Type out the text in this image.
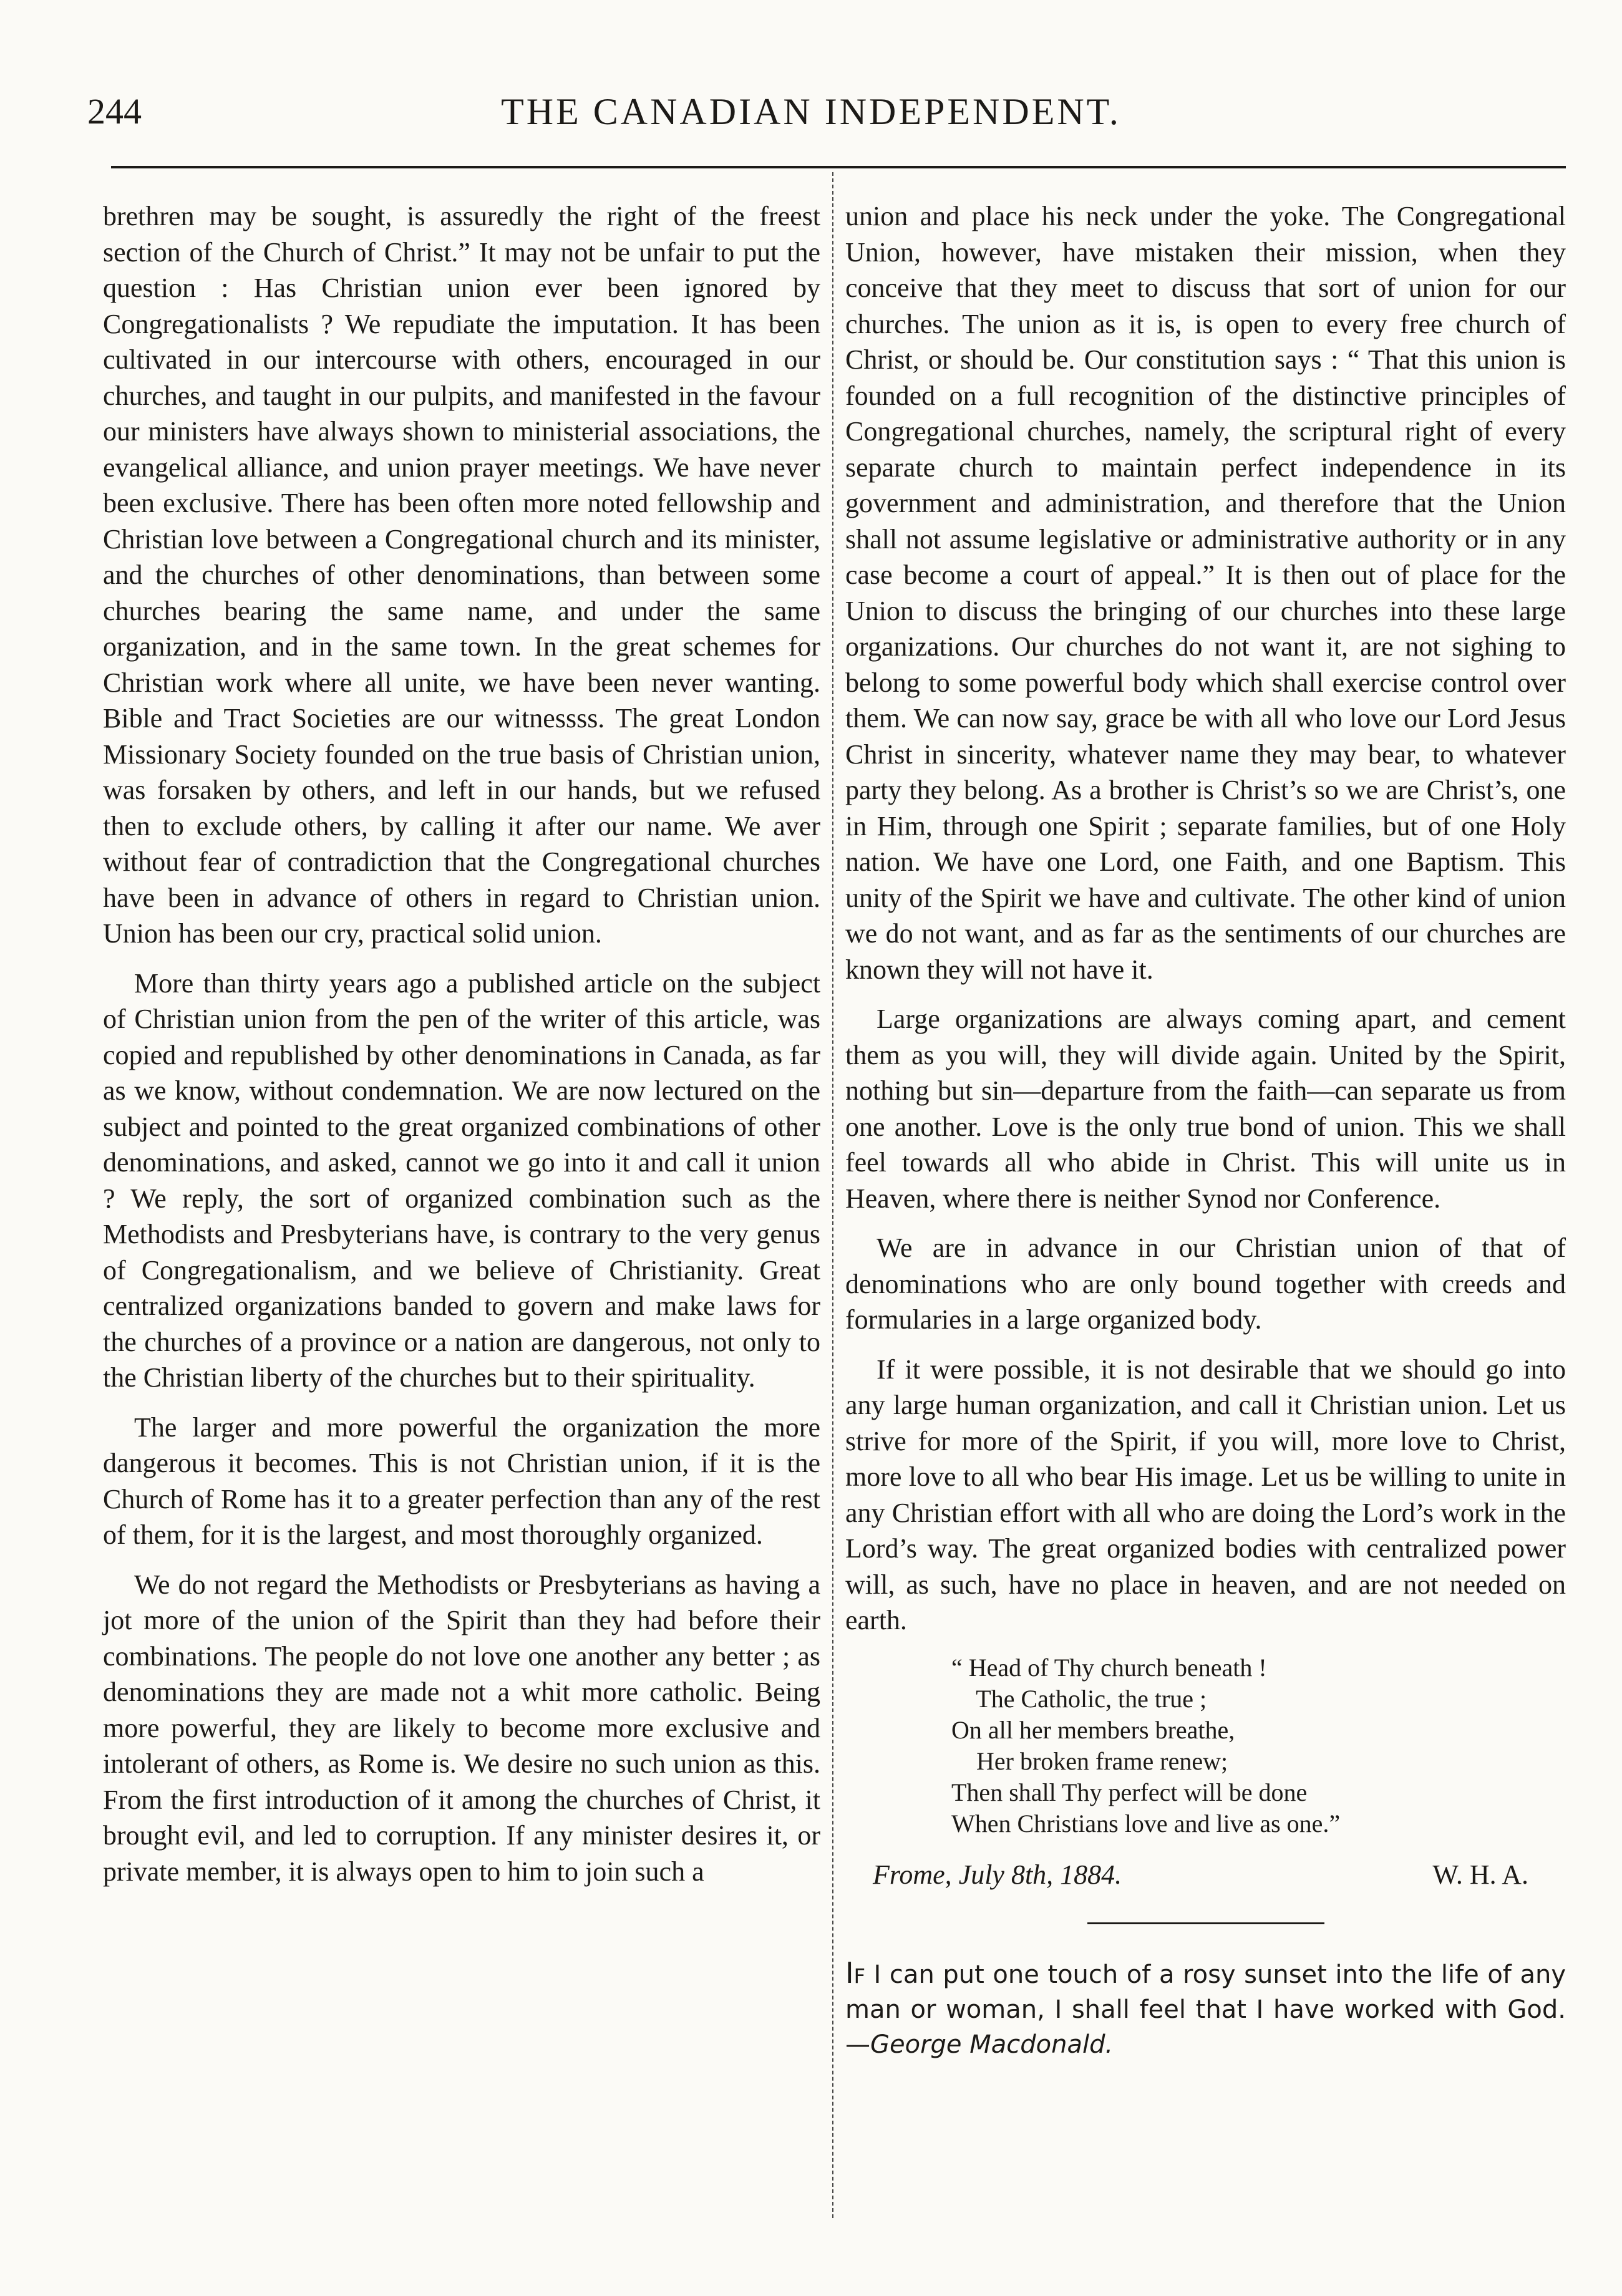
244	THE CANADIAN INDEPENDENT.

brethren may be sought, is assuredly the right of the freest section of the Church of Christ.” It may not be unfair to put the question : Has Christian union ever been ignored by Congregationalists ? We repudiate the imputation. It has been cultivated in our intercourse with others, encouraged in our churches, and taught in our pulpits, and manifested in the favour our ministers have always shown to ministerial associations, the evangelical alliance, and union prayer meetings. We have never been exclusive. There has been often more noted fellowship and Christian love between a Congregational church and its minister, and the churches of other denominations, than between some churches bearing the same name, and under the same organization, and in the same town. In the great schemes for Christian work where all unite, we have been never wanting. Bible and Tract Societies are our witnessss. The great London Missionary Society founded on the true basis of Christian union, was forsaken by others, and left in our hands, but we refused then to exclude others, by calling it after our name. We aver without fear of contradiction that the Congregational churches have been in advance of others in regard to Christian union. Union has been our cry, practical solid union.

More than thirty years ago a published article on the subject of Christian union from the pen of the writer of this article, was copied and republished by other denominations in Canada, as far as we know, without condemnation. We are now lectured on the subject and pointed to the great organized combinations of other denominations, and asked, cannot we go into it and call it union ? We reply, the sort of organized combination such as the Methodists and Presbyterians have, is contrary to the very genus of Congregationalism, and we believe of Christianity. Great centralized organizations banded to govern and make laws for the churches of a province or a nation are dangerous, not only to the Christian liberty of the churches but to their spirituality.

The larger and more powerful the organization the more dangerous it becomes. This is not Christian union, if it is the Church of Rome has it to a greater perfection than any of the rest of them, for it is the largest, and most thoroughly organized.

We do not regard the Methodists or Presbyterians as having a jot more of the union of the Spirit than they had before their combinations. The people do not love one another any better ; as denominations they are made not a whit more catholic. Being more powerful, they are likely to become more exclusive and intolerant of others, as Rome is. We desire no such union as this. From the first introduction of it among the churches of Christ, it brought evil, and led to corruption. If any minister desires it, or private member, it is always open to him to join such a

union and place his neck under the yoke. The Congregational Union, however, have mistaken their mission, when they conceive that they meet to discuss that sort of union for our churches. The union as it is, is open to every free church of Christ, or should be. Our constitution says : “ That this union is founded on a full recognition of the distinctive principles of Congregational churches, namely, the scriptural right of every separate church to maintain perfect independence in its government and administration, and therefore that the Union shall not assume legislative or administrative authority or in any case become a court of appeal.” It is then out of place for the Union to discuss the bringing of our churches into these large organizations. Our churches do not want it, are not sighing to belong to some powerful body which shall exercise control over them. We can now say, grace be with all who love our Lord Jesus Christ in sincerity, whatever name they may bear, to whatever party they belong. As a brother is Christ’s so we are Christ’s, one in Him, through one Spirit ; separate families, but of one Holy nation. We have one Lord, one Faith, and one Baptism. This unity of the Spirit we have and cultivate. The other kind of union we do not want, and as far as the sentiments of our churches are known they will not have it.

Large organizations are always coming apart, and cement them as you will, they will divide again. United by the Spirit, nothing but sin—departure from the faith—can separate us from one another. Love is the only true bond of union. This we shall feel towards all who abide in Christ. This will unite us in Heaven, where there is neither Synod nor Conference.

We are in advance in our Christian union of that of denominations who are only bound together with creeds and formularies in a large organized body.

If it were possible, it is not desirable that we should go into any large human organization, and call it Christian union. Let us strive for more of the Spirit, if you will, more love to Christ, more love to all who bear His image. Let us be willing to unite in any Christian effort with all who are doing the Lord’s work in the Lord’s way. The great organized bodies with centralized power will, as such, have no place in heaven, and are not needed on earth.

“ Head of Thy church beneath !
The Catholic, the true ;
On all her members breathe,
Her broken frame renew;
Then shall Thy perfect will be done
When Christians love and live as one.”
Frome, July 8th, 1884.	W. H. A.

If I can put one touch of a rosy sunset into the life of any man or woman, I shall feel that I have worked with God.—George Macdonald.
